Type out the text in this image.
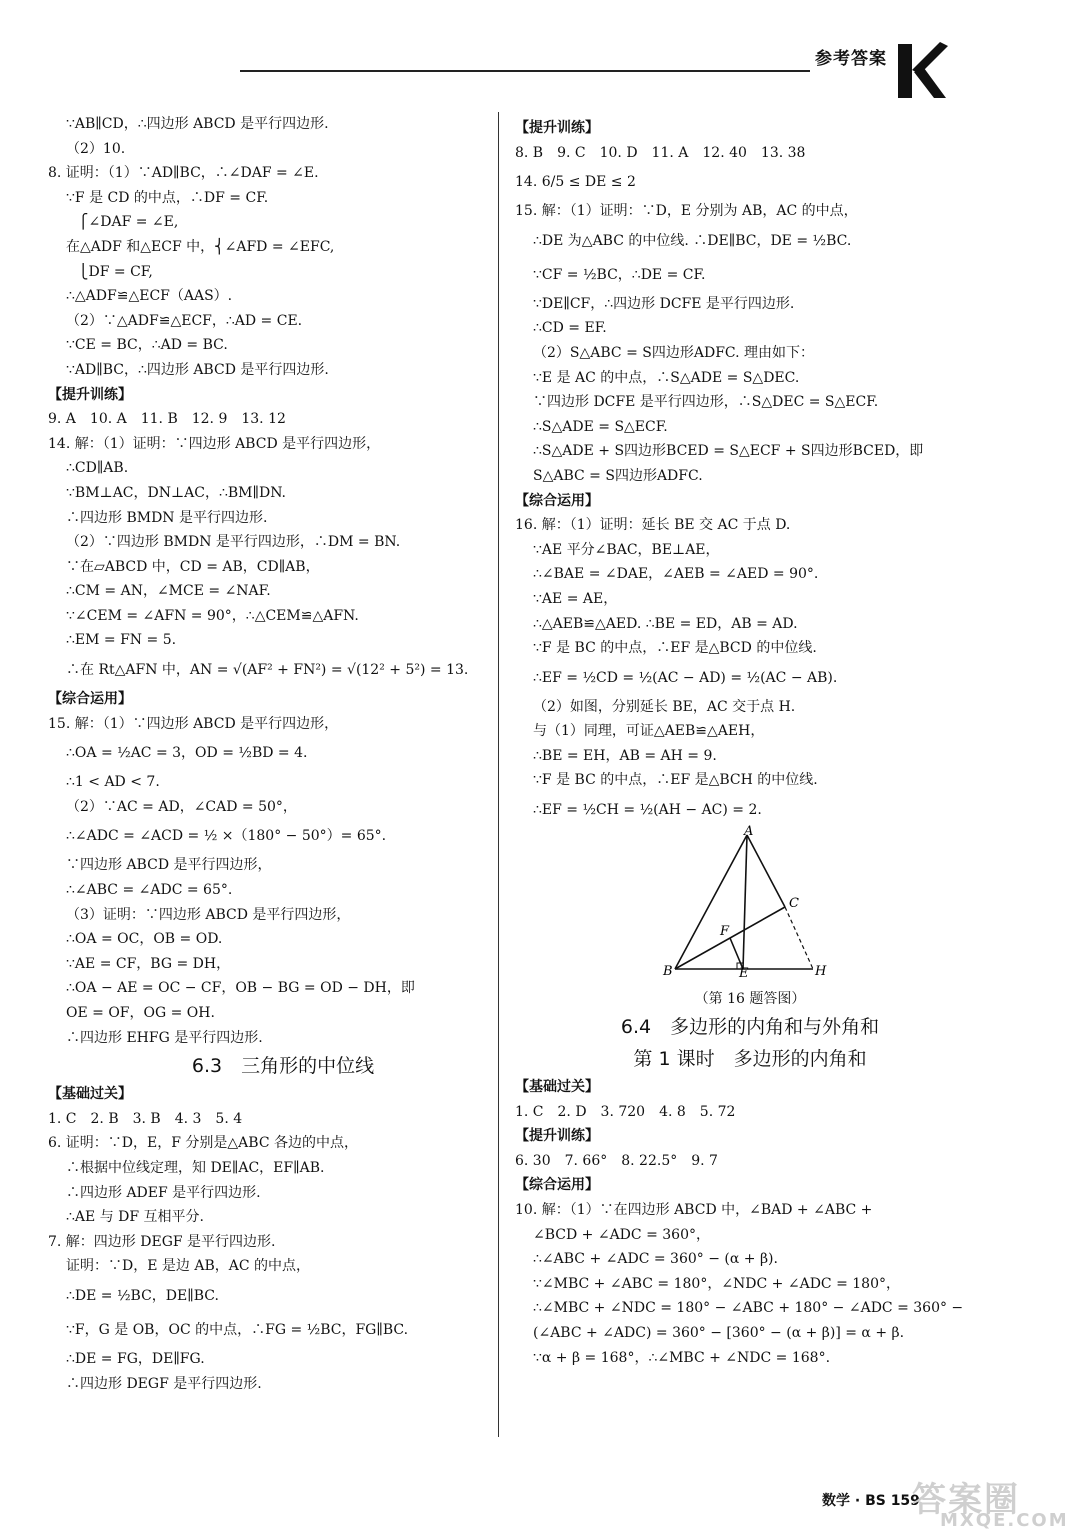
参考答案
∵AB∥CD，∴四边形 ABCD 是平行四边形.
（2）10.
8. 证明：（1）∵AD∥BC，∴∠DAF = ∠E.
∵F 是 CD 的中点，∴DF = CF.
⎧∠DAF = ∠E,
在△ADF 和△ECF 中，⎨∠AFD = ∠EFC,
⎩DF = CF,
∴△ADF≌△ECF（AAS）.
（2）∵△ADF≌△ECF，∴AD = CE.
∵CE = BC，∴AD = BC.
∵AD∥BC，∴四边形 ABCD 是平行四边形.
【提升训练】
9. A　10. A　11. B　12. 9　13. 12
14. 解：（1）证明：∵四边形 ABCD 是平行四边形，
∴CD∥AB.
∵BM⊥AC，DN⊥AC，∴BM∥DN.
∴四边形 BMDN 是平行四边形.
（2）∵四边形 BMDN 是平行四边形，∴DM = BN.
∵在▱ABCD 中，CD = AB，CD∥AB，
∴CM = AN，∠MCE = ∠NAF.
∵∠CEM = ∠AFN = 90°，∴△CEM≌△AFN.
∴EM = FN = 5.
∴在 Rt△AFN 中，AN = √(AF² + FN²) = √(12² + 5²) = 13.
【综合运用】
15. 解：（1）∵四边形 ABCD 是平行四边形，
∴OA = ½AC = 3，OD = ½BD = 4.
∴1 < AD < 7.
（2）∵AC = AD，∠CAD = 50°，
∴∠ADC = ∠ACD = ½ ×（180° − 50°）= 65°.
∵四边形 ABCD 是平行四边形，
∴∠ABC = ∠ADC = 65°.
（3）证明：∵四边形 ABCD 是平行四边形，
∴OA = OC，OB = OD.
∵AE = CF，BG = DH，
∴OA − AE = OC − CF，OB − BG = OD − DH，即
OE = OF，OG = OH.
∴四边形 EHFG 是平行四边形.
6.3　三角形的中位线
【基础过关】
1. C　2. B　3. B　4. 3　5. 4
6. 证明：∵D，E，F 分别是△ABC 各边的中点，
∴根据中位线定理，知 DE∥AC，EF∥AB.
∴四边形 ADEF 是平行四边形.
∴AE 与 DF 互相平分.
7. 解：四边形 DEGF 是平行四边形.
证明：∵D，E 是边 AB，AC 的中点，
∴DE = ½BC，DE∥BC.
∵F，G 是 OB，OC 的中点，∴FG = ½BC，FG∥BC.
∴DE = FG，DE∥FG.
∴四边形 DEGF 是平行四边形.
【提升训练】
8. B　9. C　10. D　11. A　12. 40　13. 38
14. 6/5 ≤ DE ≤ 2
15. 解：（1）证明：∵D，E 分别为 AB，AC 的中点，
∴DE 为△ABC 的中位线. ∴DE∥BC，DE = ½BC.
∵CF = ½BC，∴DE = CF.
∵DE∥CF，∴四边形 DCFE 是平行四边形.
∴CD = EF.
（2）S△ABC = S四边形ADFC. 理由如下：
∵E 是 AC 的中点，∴S△ADE = S△DEC.
∵四边形 DCFE 是平行四边形，∴S△DEC = S△ECF.
∴S△ADE = S△ECF.
∴S△ADE + S四边形BCED = S△ECF + S四边形BCED，即
S△ABC = S四边形ADFC.
【综合运用】
16. 解：（1）证明：延长 BE 交 AC 于点 D.
∵AE 平分∠BAC，BE⊥AE，
∴∠BAE = ∠DAE，∠AEB = ∠AED = 90°.
∵AE = AE，
∴△AEB≌△AED. ∴BE = ED，AB = AD.
∵F 是 BC 的中点，∴EF 是△BCD 的中位线.
∴EF = ½CD = ½(AC − AD) = ½(AC − AB).
（2）如图，分别延长 BE，AC 交于点 H.
与（1）同理，可证△AEB≌△AEH，
∴BE = EH，AB = AH = 9.
∵F 是 BC 的中点，∴EF 是△BCH 的中位线.
∴EF = ½CH = ½(AH − AC) = 2.
A
B
C
E
F
H
（第 16 题答图）
6.4　多边形的内角和与外角和
第 1 课时　多边形的内角和
【基础过关】
1. C　2. D　3. 720　4. 8　5. 72
【提升训练】
6. 30　7. 66°　8. 22.5°　9. 7
【综合运用】
10. 解：（1）∵在四边形 ABCD 中，∠BAD + ∠ABC +
∠BCD + ∠ADC = 360°，
∴∠ABC + ∠ADC = 360° − (α + β).
∵∠MBC + ∠ABC = 180°，∠NDC + ∠ADC = 180°，
∴∠MBC + ∠NDC = 180° − ∠ABC + 180° − ∠ADC = 360° −
(∠ABC + ∠ADC) = 360° − [360° − (α + β)] = α + β.
∵α + β = 168°，∴∠MBC + ∠NDC = 168°.
数学 · BS 159
答案圈
MXQE.COM
